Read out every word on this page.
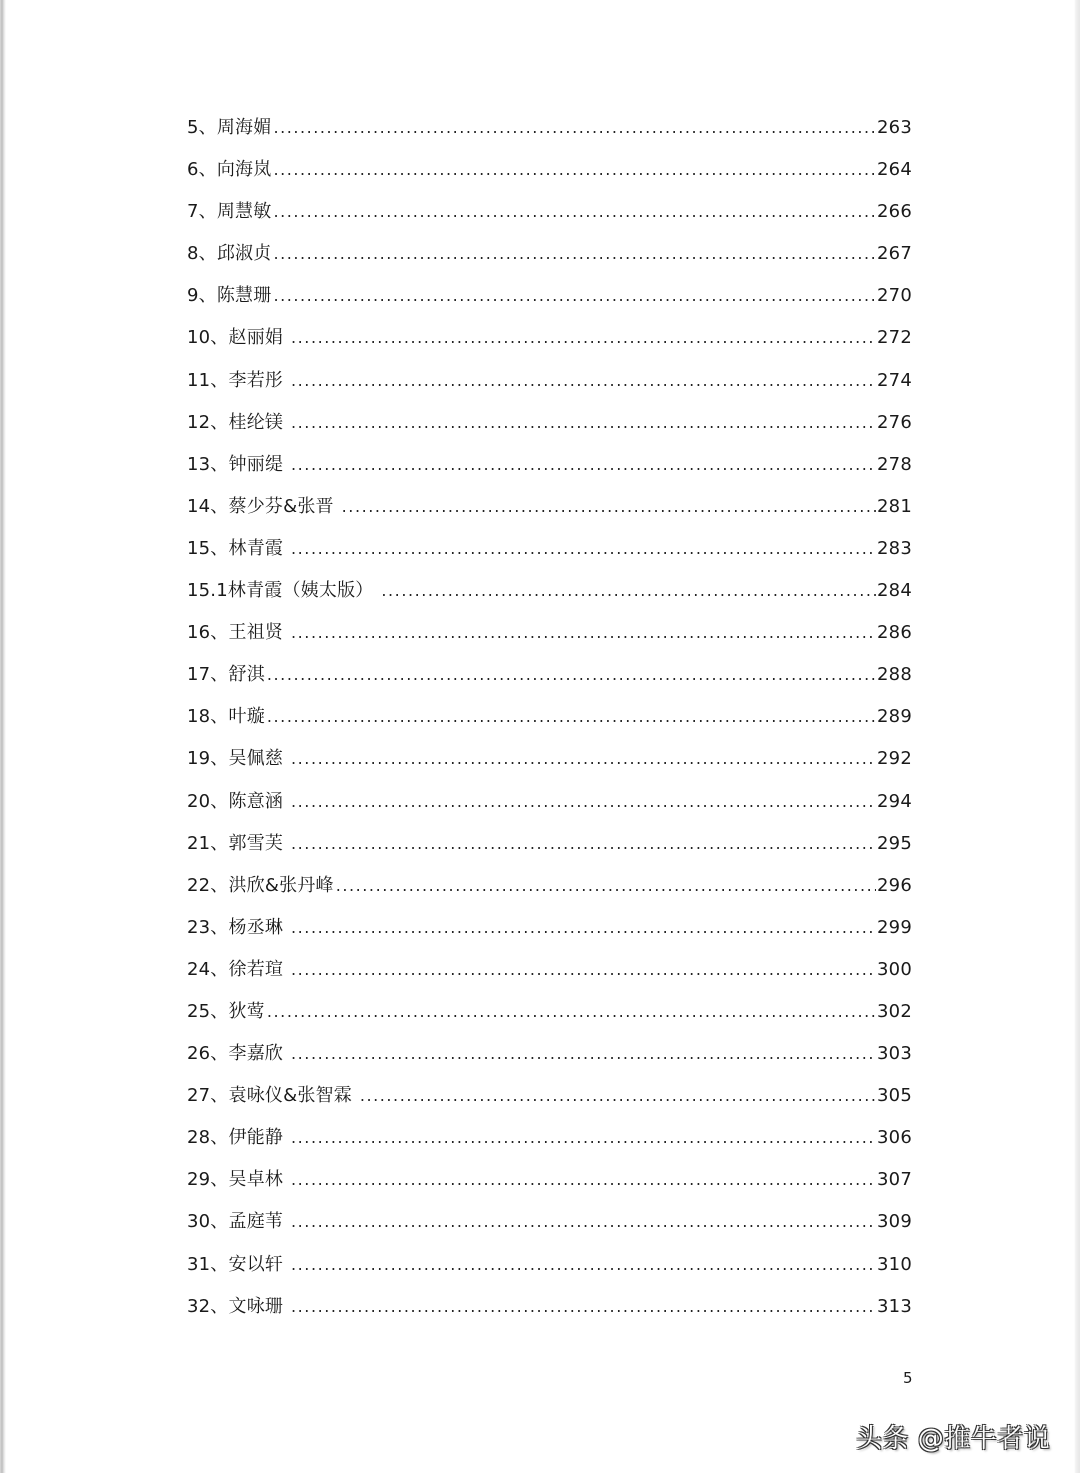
5、周海媚 .....	263
6、向海岚 .....	264
7、周慧敏 .....	266
8、邱淑贞 .....	267
9、陈慧珊 .....	270
10、赵丽娟 .....	272
11、李若彤 .....	274
12、桂纶镁 .....	276
13、钟丽缇 .....	278
14、蔡少芬&张晋 .....	281
15、林青霞 .....	283
15.1林青霞（姨太版） .....	284
16、王祖贤 .....	286
17、舒淇 .....	288
18、叶璇 .....	289
19、吴佩慈 .....	292
20、陈意涵 .....	294
21、郭雪芙 .....	295
22、洪欣&张丹峰 .....	296
23、杨丞琳 .....	299
24、徐若瑄 .....	300
25、狄莺 .....	302
26、李嘉欣 .....	303
27、袁咏仪&张智霖 .....	305
28、伊能静 .....	306
29、吴卓林 .....	307
30、孟庭苇 .....	309
31、安以轩 .....	310
32、文咏珊 .....	313
5
头条 @推牛者说
